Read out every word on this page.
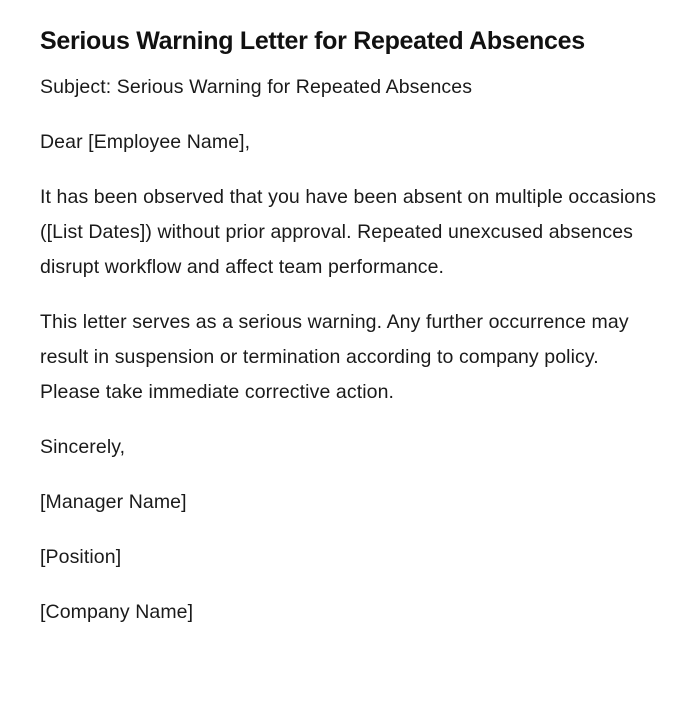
Serious Warning Letter for Repeated Absences

Subject: Serious Warning for Repeated Absences

Dear [Employee Name],

It has been observed that you have been absent on multiple occasions ([List Dates]) without prior approval. Repeated unexcused absences disrupt workflow and affect team performance.

This letter serves as a serious warning. Any further occurrence may result in suspension or termination according to company policy. Please take immediate corrective action.

Sincerely,

[Manager Name]

[Position]

[Company Name]
